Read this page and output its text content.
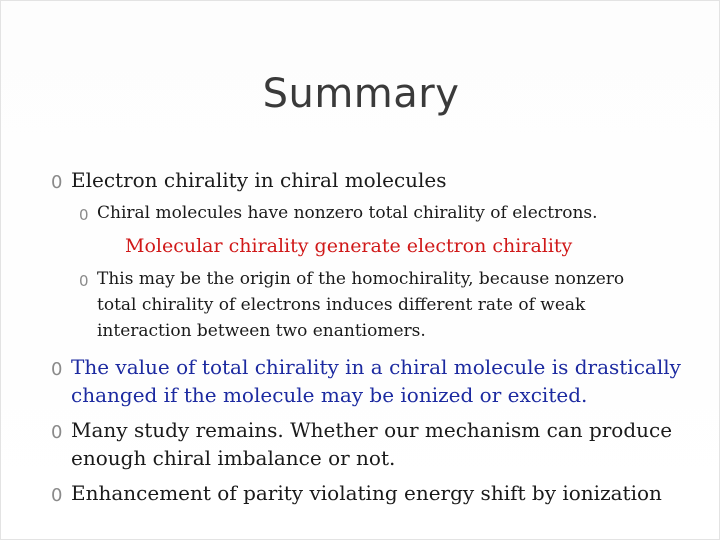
Summary
0 Electron chirality in chiral molecules
0 Chiral molecules have nonzero total chirality of electrons.
Molecular chirality generate electron chirality
0 This may be the origin of the homochirality, because nonzero
total chirality of electrons induces different rate of weak
interaction between two enantiomers.
0 The value of total chirality in a chiral molecule is drastically
changed if the molecule may be ionized or excited.
0 Many study remains. Whether our mechanism can produce
enough chiral imbalance or not.
0 Enhancement of parity violating energy shift by ionization
